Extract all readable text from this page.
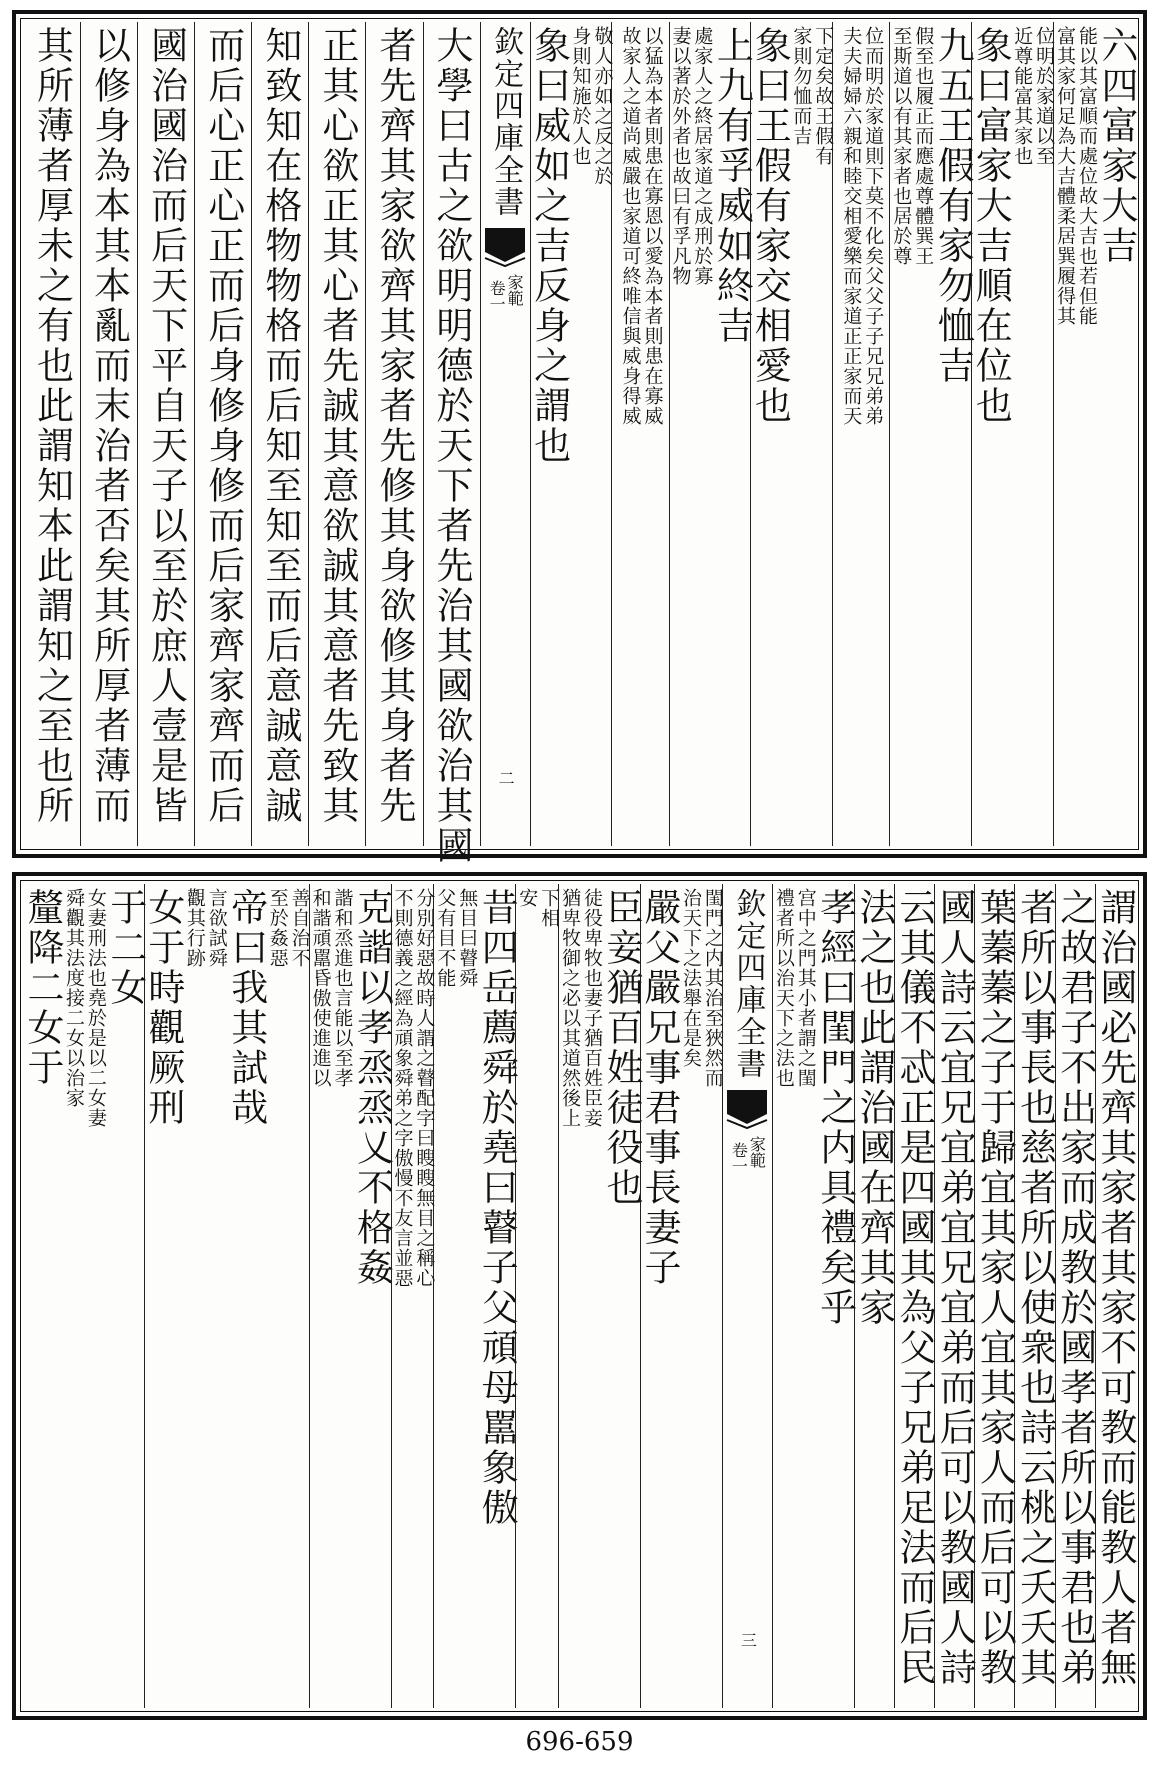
六四富家大吉
能以其富順而處位故大吉也若但能
富其家何足為大吉體柔居巽履得其
位明於家道以至
近尊能富其家也
象曰富家大吉順在位也
九五王假有家勿恤吉
假至也履正而應處尊體巽王
至斯道以有其家者也居於尊
位而明於家道則下莫不化矣父父子子兄兄弟弟
夫夫婦婦六親和睦交相愛樂而家道正正家而天
下定矣故王假有
家則勿恤而吉
象曰王假有家交相愛也
上九有孚威如終吉
處家人之終居家道之成刑於寡
妻以著於外者也故曰有孚凡物
以猛為本者則患在寡恩以愛為本者則患在寡威
故家人之道尚威嚴也家道可終唯信與威身得威
敬人亦如之反之於
身則知施於人也
象曰威如之吉反身之謂也
欽定四庫全書
家範
卷一
二
大學曰古之欲明明德於天下者先治其國欲治其國
者先齊其家欲齊其家者先修其身欲修其身者先
正其心欲正其心者先誠其意欲誠其意者先致其
知致知在格物物格而后知至知至而后意誠意誠
而后心正心正而后身修身修而后家齊家齊而后
國治國治而后天下平自天子以至於庶人壹是皆
以修身為本其本亂而末治者否矣其所厚者薄而
其所薄者厚未之有也此謂知本此謂知之至也所
謂治國必先齊其家者其家不可教而能教人者無
之故君子不出家而成教於國孝者所以事君也弟
者所以事長也慈者所以使衆也詩云桃之夭夭其
葉蓁蓁之子于歸宜其家人宜其家人而后可以教
國人詩云宜兄宜弟宜兄宜弟而后可以教國人詩
云其儀不忒正是四國其為父子兄弟足法而后民
法之也此謂治國在齊其家
孝經曰閨門之内具禮矣乎
宫中之門其小者謂之閨
禮者所以治天下之法也
欽定四庫全書
家範
卷一
三
閨門之内其治至狹然而
治天下之法舉在是矣
嚴父嚴兄事君事長妻子
臣妾猶百姓徒役也
徒役卑牧也妻子猶百姓臣妾
猶卑牧御之必以其道然後上
下相
安
昔四岳薦舜於堯曰瞽子父頑母嚚象傲
無目曰瞽舜
父有目不能
分別好惡故時人謂之瞽配字曰瞍瞍無目之稱心
不則德義之經為頑象舜弟之字傲慢不友言並惡
克諧以孝烝烝乂不格姦
諧和烝進也言能以至孝
和諧頑嚚昏傲使進進以
善自治不
至於姦惡
帝曰我其試哉
言欲試舜
觀其行跡
女于時觀厥刑
于二女
女妻刑法也堯於是以二女妻
舜觀其法度接二女以治家
釐降二女于
696-659
